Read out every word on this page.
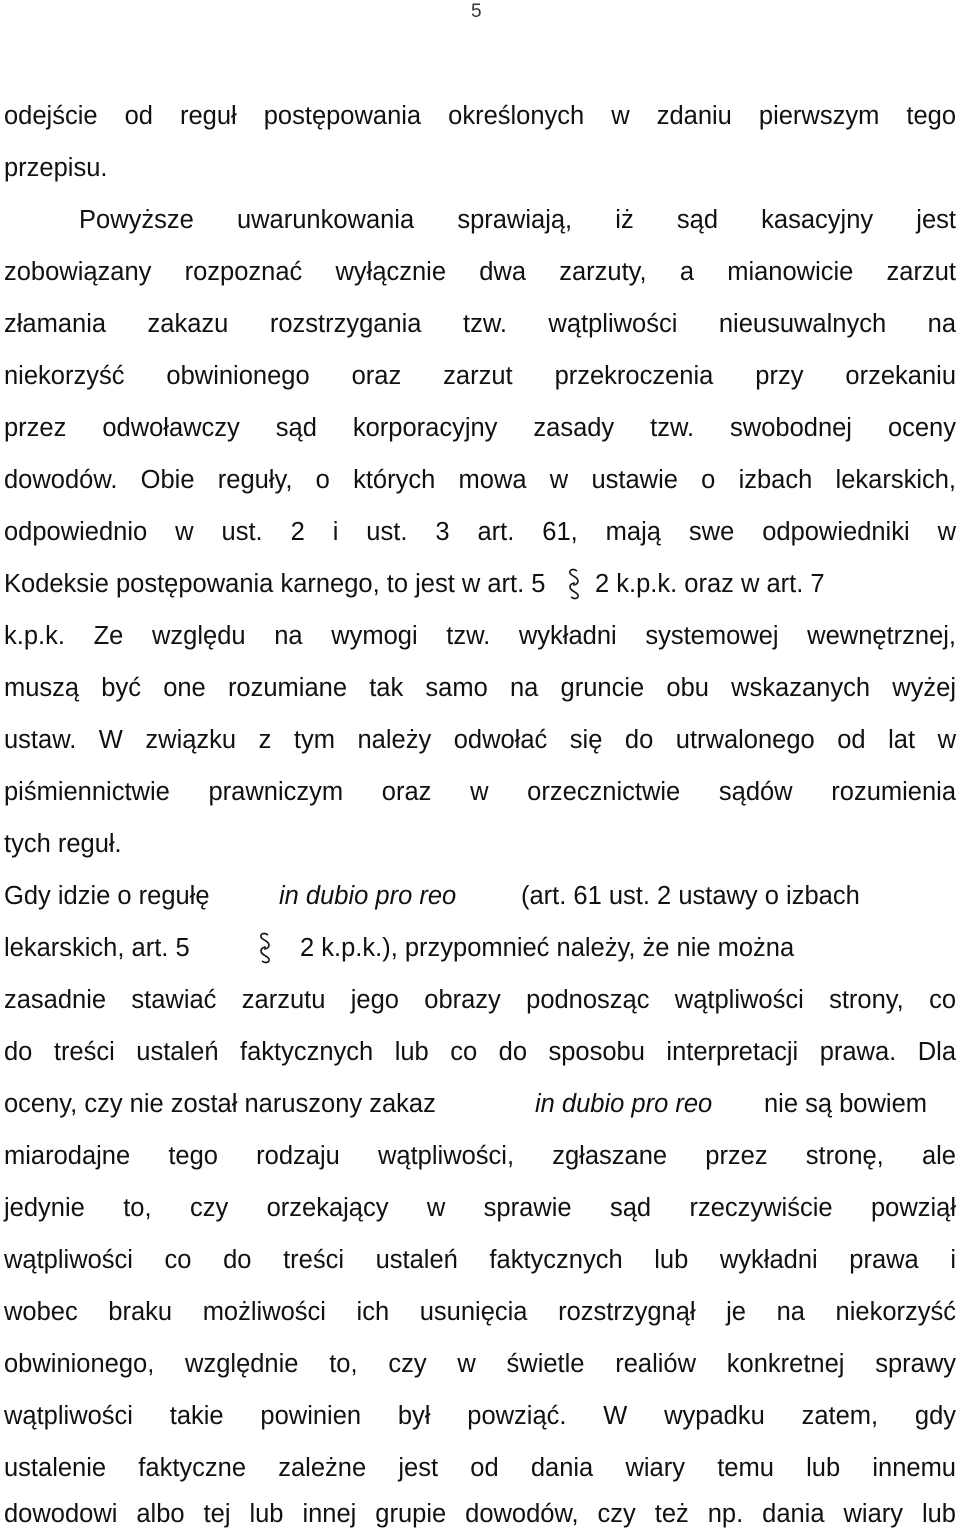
5
odejście od reguł postępowania określonych w zdaniu pierwszym tego
przepisu.
Powyższe uwarunkowania sprawiają, iż sąd kasacyjny jest
zobowiązany rozpoznać wyłącznie dwa zarzuty, a mianowicie zarzut
złamania zakazu rozstrzygania tzw. wątpliwości nieusuwalnych na
niekorzyść obwinionego oraz zarzut przekroczenia przy orzekaniu
przez odwoławczy sąd korporacyjny zasady tzw. swobodnej oceny
dowodów. Obie reguły, o których mowa w ustawie o izbach lekarskich,
odpowiednio w ust. 2 i ust. 3 art. 61, mają swe odpowiedniki w
Kodeksie postępowania karnego, to jest w art. 5 2 k.p.k. oraz w art. 7
k.p.k. Ze względu na wymogi tzw. wykładni systemowej wewnętrznej,
muszą być one rozumiane tak samo na gruncie obu wskazanych wyżej
ustaw. W związku z tym należy odwołać się do utrwalonego od lat w
piśmiennictwie prawniczym oraz w orzecznictwie sądów rozumienia
tych reguł.
Gdy idzie o regułę	in dubio pro reo	(art. 61 ust. 2 ustawy o izbach
lekarskich, art. 5	2 k.p.k.), przypomnieć należy, że nie można
zasadnie stawiać zarzutu jego obrazy podnosząc wątpliwości strony, co
do treści ustaleń faktycznych lub co do sposobu interpretacji prawa. Dla
oceny, czy nie został naruszony zakaz	in dubio pro reo nie są bowiem
miarodajne tego rodzaju wątpliwości, zgłaszane przez stronę, ale
jedynie to, czy orzekający w sprawie sąd rzeczywiście powziął
wątpliwości co do treści ustaleń faktycznych lub wykładni prawa i
wobec braku możliwości ich usunięcia rozstrzygnął je na niekorzyść
obwinionego, względnie to, czy w świetle realiów konkretnej sprawy
wątpliwości takie powinien był powziąć. W wypadku zatem, gdy
ustalenie faktyczne zależne jest od dania wiary temu lub innemu
dowodowi albo tej lub innej grupie dowodów, czy też np. dania wiary lub
